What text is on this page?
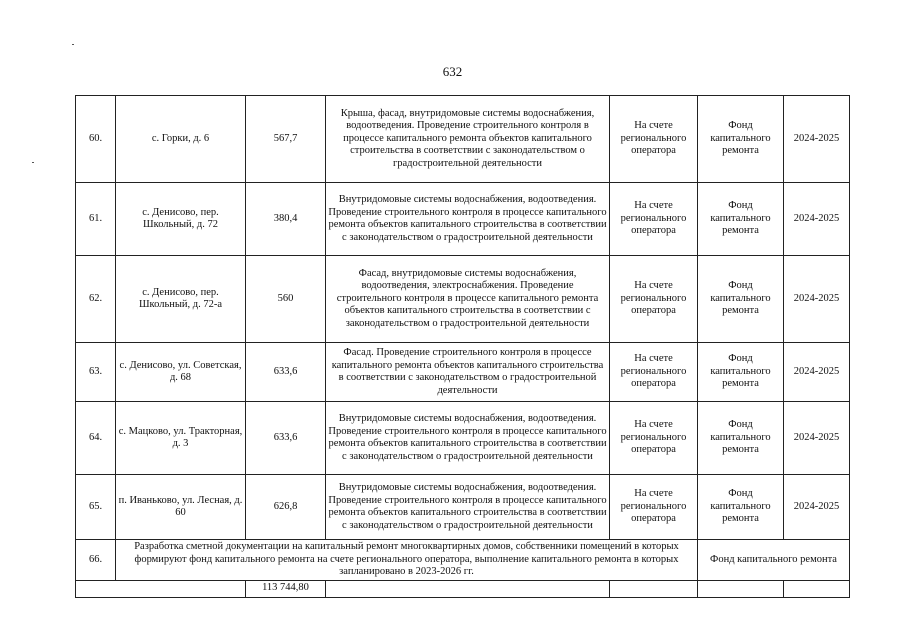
632
60.	с. Горки, д. 6	567,7	Крыша, фасад, внутридомовые системы водоснабжения, водоотведения. Проведение строительного контроля в процессе капитального ремонта объектов капитального строительства в соответствии с законодательством о градостроительной деятельности	На счете регионального оператора	Фонд капитального ремонта	2024-2025
61.	с. Денисово, пер. Школьный, д. 72	380,4	Внутридомовые системы водоснабжения, водоотведения. Проведение строительного контроля в процессе капитального ремонта объектов капитального строительства в соответствии с законодательством о градостроительной деятельности	На счете регионального оператора	Фонд капитального ремонта	2024-2025
62.	с. Денисово, пер. Школьный, д. 72-а	560	Фасад, внутридомовые системы водоснабжения, водоотведения, электроснабжения. Проведение строительного контроля в процессе капитального ремонта объектов капитального строительства в соответствии с законодательством о градостроительной деятельности	На счете регионального оператора	Фонд капитального ремонта	2024-2025
63.	с. Денисово, ул. Советская, д. 68	633,6	Фасад. Проведение строительного контроля в процессе капитального ремонта объектов капитального строительства в соответствии с законодательством о градостроительной деятельности	На счете регионального оператора	Фонд капитального ремонта	2024-2025
64.	с. Мацково, ул. Тракторная, д. 3	633,6	Внутридомовые системы водоснабжения, водоотведения. Проведение строительного контроля в процессе капитального ремонта объектов капитального строительства в соответствии с законодательством о градостроительной деятельности	На счете регионального оператора	Фонд капитального ремонта	2024-2025
65.	п. Иваньково, ул. Лесная, д. 60	626,8	Внутридомовые системы водоснабжения, водоотведения. Проведение строительного контроля в процессе капитального ремонта объектов капитального строительства в соответствии с законодательством о градостроительной деятельности	На счете регионального оператора	Фонд капитального ремонта	2024-2025
66.	Разработка сметной документации на капитальный ремонт многоквартирных домов, собственники помещений в которых формируют фонд капитального ремонта на счете регионального оператора, выполнение капитального ремонта в которых запланировано в 2023-2026 гг.				Фонд капитального ремонта	
		113 744,80				
